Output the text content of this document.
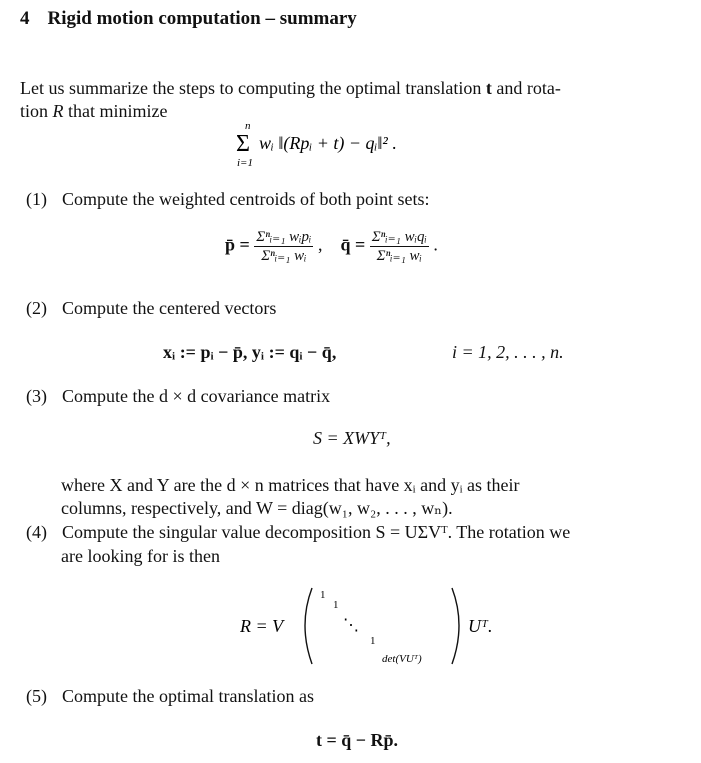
4 Rigid motion computation – summary
Let us summarize the steps to computing the optimal translation t and rota-
tion R that minimize
n
Σ
i=1
wᵢ ‖(Rpᵢ + t) − qᵢ‖² .
(1) Compute the weighted centroids of both point sets:
p̄ = $\frac{\text{Σⁿᵢ₌₁ wᵢpᵢ}}{\text{Σⁿᵢ₌₁ wᵢ}}$ ,    q̄ = $\frac{\text{Σⁿᵢ₌₁ wᵢqᵢ}}{\text{Σⁿᵢ₌₁ wᵢ}}$ .
(2) Compute the centered vectors
xᵢ := pᵢ − p̄, yᵢ := qᵢ − q̄,	i = 1, 2, . . . , n.
(3) Compute the d × d covariance matrix
S = XWYᵀ,
where X and Y are the d × n matrices that have xᵢ and yᵢ as their
columns, respectively, and W = diag(w₁, w₂, . . . , wₙ).
(4) Compute the singular value decomposition S = UΣVᵀ. The rotation we
are looking for is then
R = V
1
1
⋱
1
det(VUᵀ)
Uᵀ.
(5) Compute the optimal translation as
t = q̄ − Rp̄.
